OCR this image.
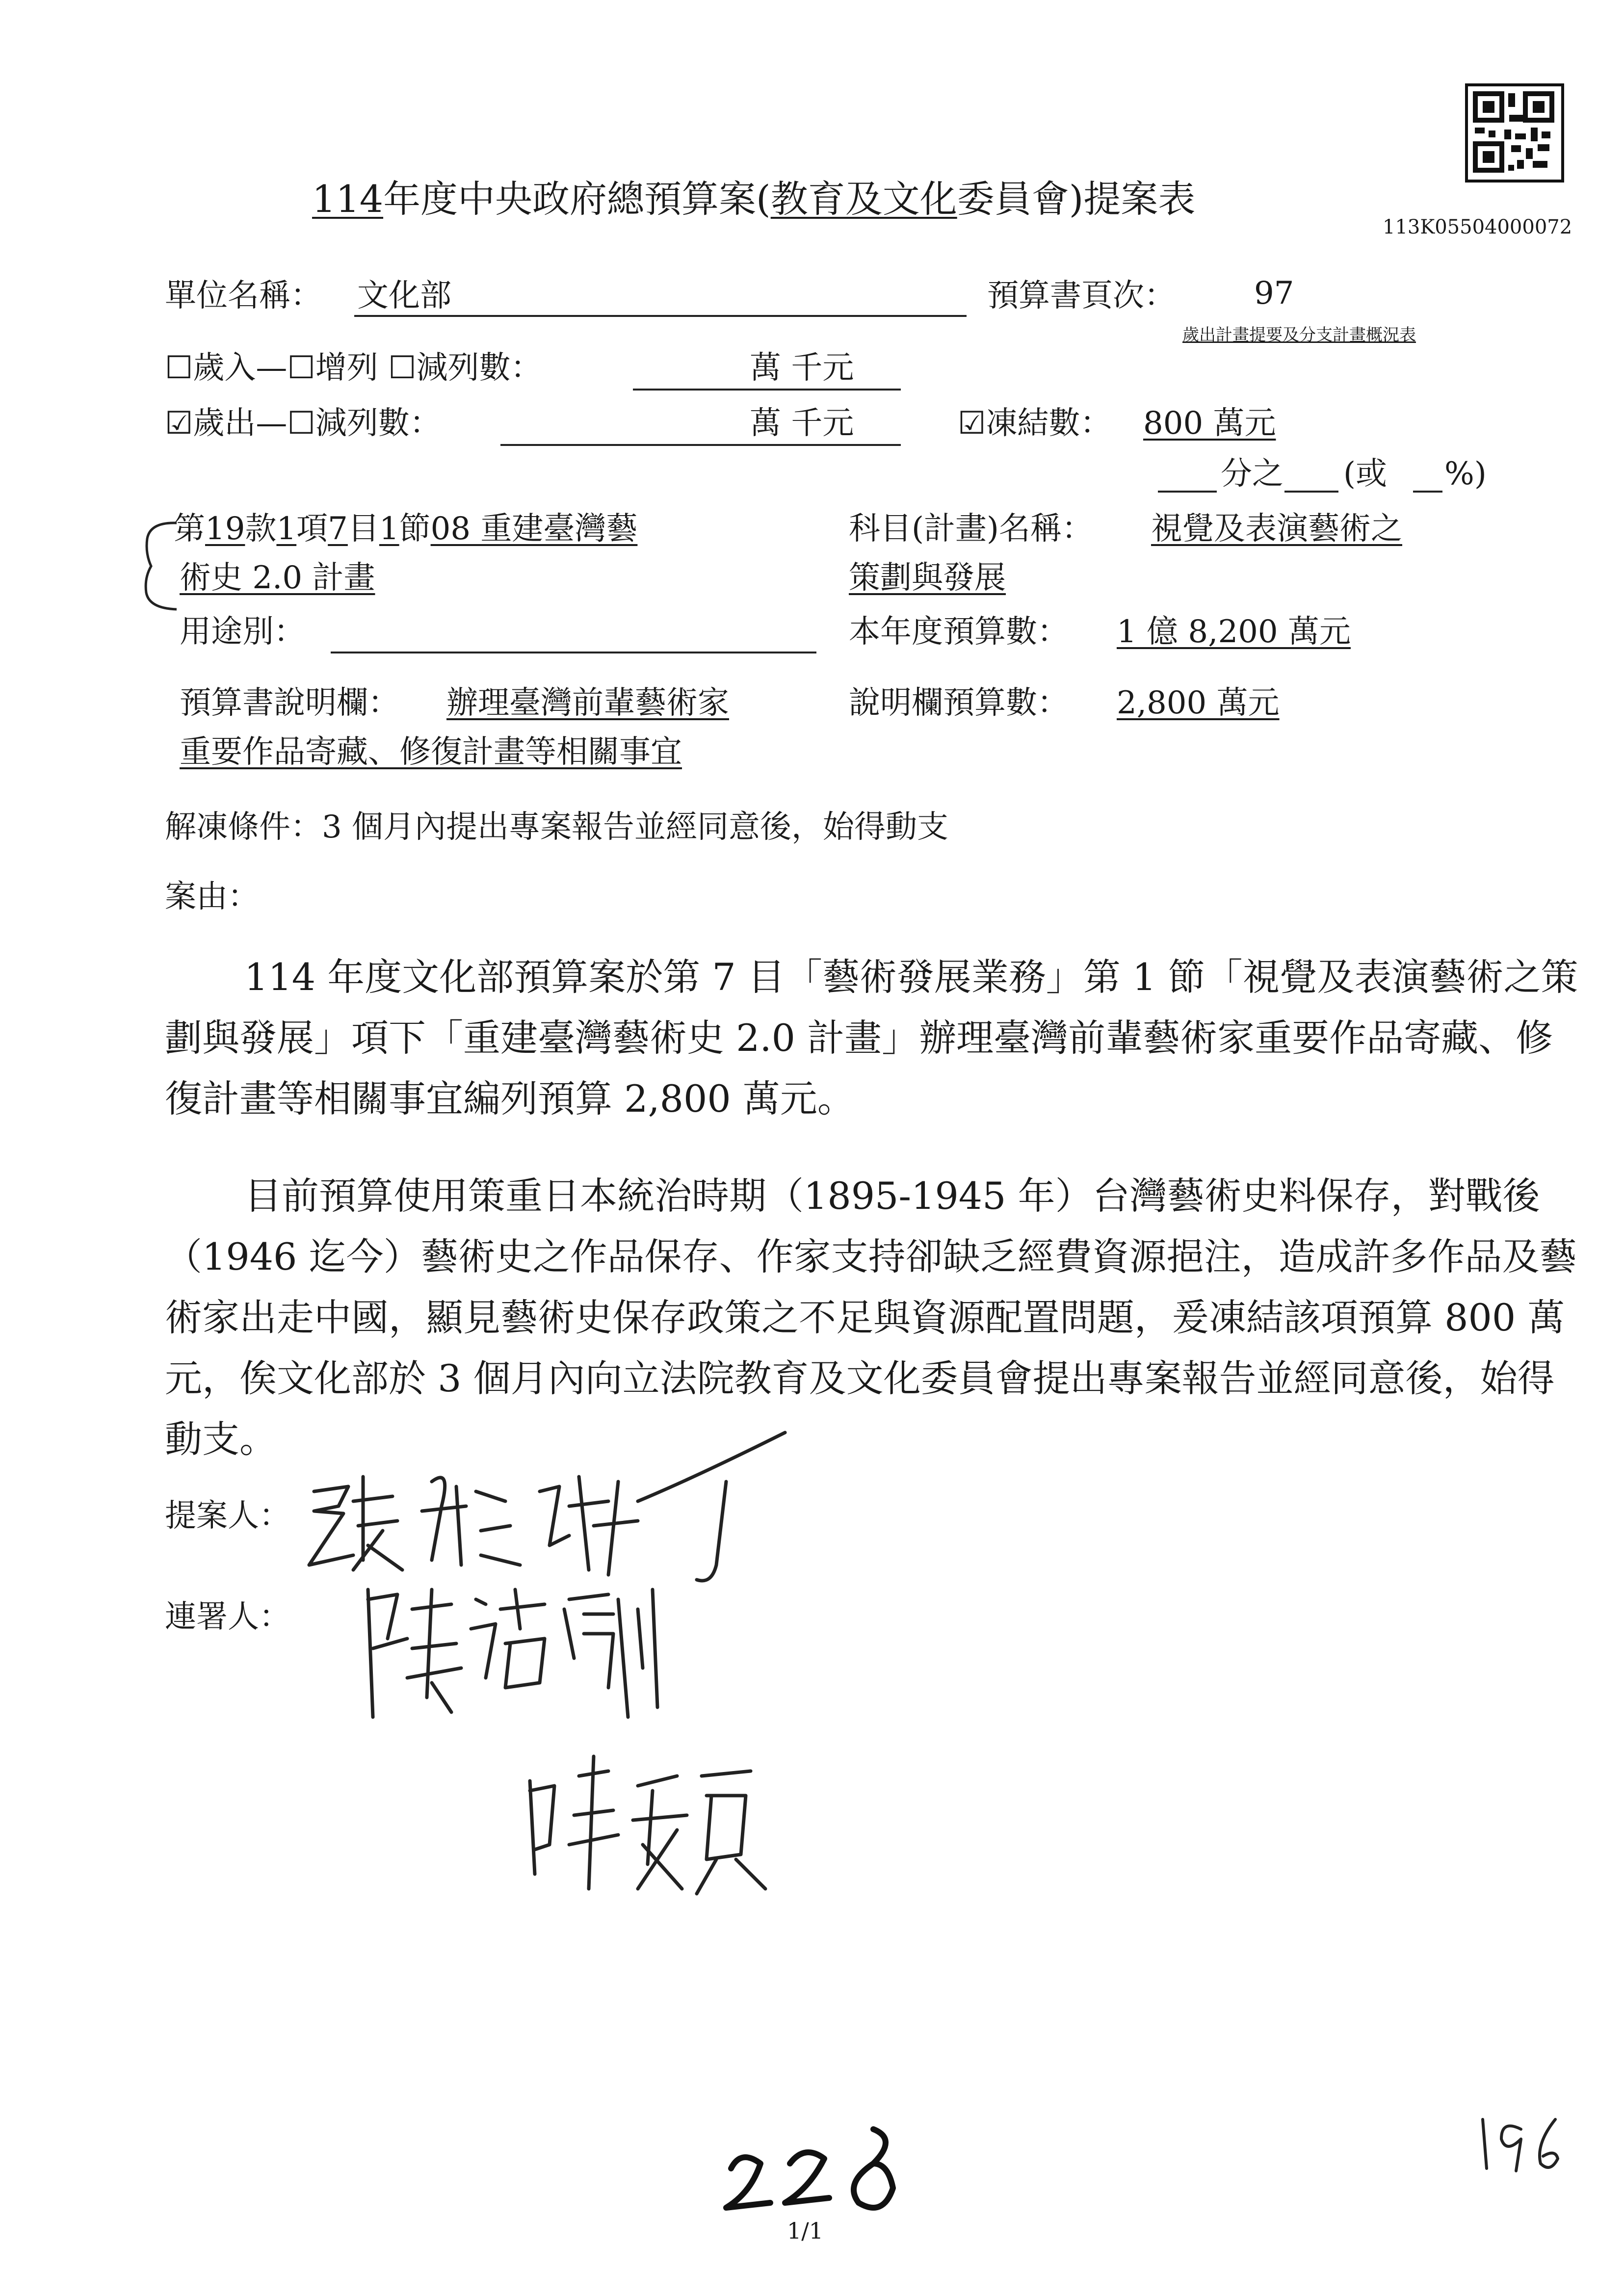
113K05504000072
114年度中央政府總預算案(教育及文化委員會)提案表
單位名稱： 文化部	預算書頁次：	97
歲出計畫提要及分支計畫概況表
☐歲入—☐增列 ☐減列數：	萬 千元
☑歲出—☐減列數：	萬 千元	☑凍結數： 800 萬元
分之 (或 %)
第19款1項7目1節08 重建臺灣藝
術史 2.0 計畫
科目(計畫)名稱： 視覺及表演藝術之
策劃與發展
用途別：	本年度預算數： 1 億 8,200 萬元
預算書說明欄： 辦理臺灣前輩藝術家
重要作品寄藏、修復計畫等相關事宜
說明欄預算數： 2,800 萬元
解凍條件：3 個月內提出專案報告並經同意後，始得動支
案由：
114 年度文化部預算案於第 7 目「藝術發展業務」第 1 節「視覺及表演藝術之策劃與發展」項下「重建臺灣藝術史 2.0 計畫」辦理臺灣前輩藝術家重要作品寄藏、修復計畫等相關事宜編列預算 2,800 萬元。
目前預算使用策重日本統治時期（1895-1945 年）台灣藝術史料保存，對戰後（1946 迄今）藝術史之作品保存、作家支持卻缺乏經費資源挹注，造成許多作品及藝術家出走中國，顯見藝術史保存政策之不足與資源配置問題，爰凍結該項預算 800 萬元，俟文化部於 3 個月內向立法院教育及文化委員會提出專案報告並經同意後，始得動支。
提案人：
連署人：
1/1
